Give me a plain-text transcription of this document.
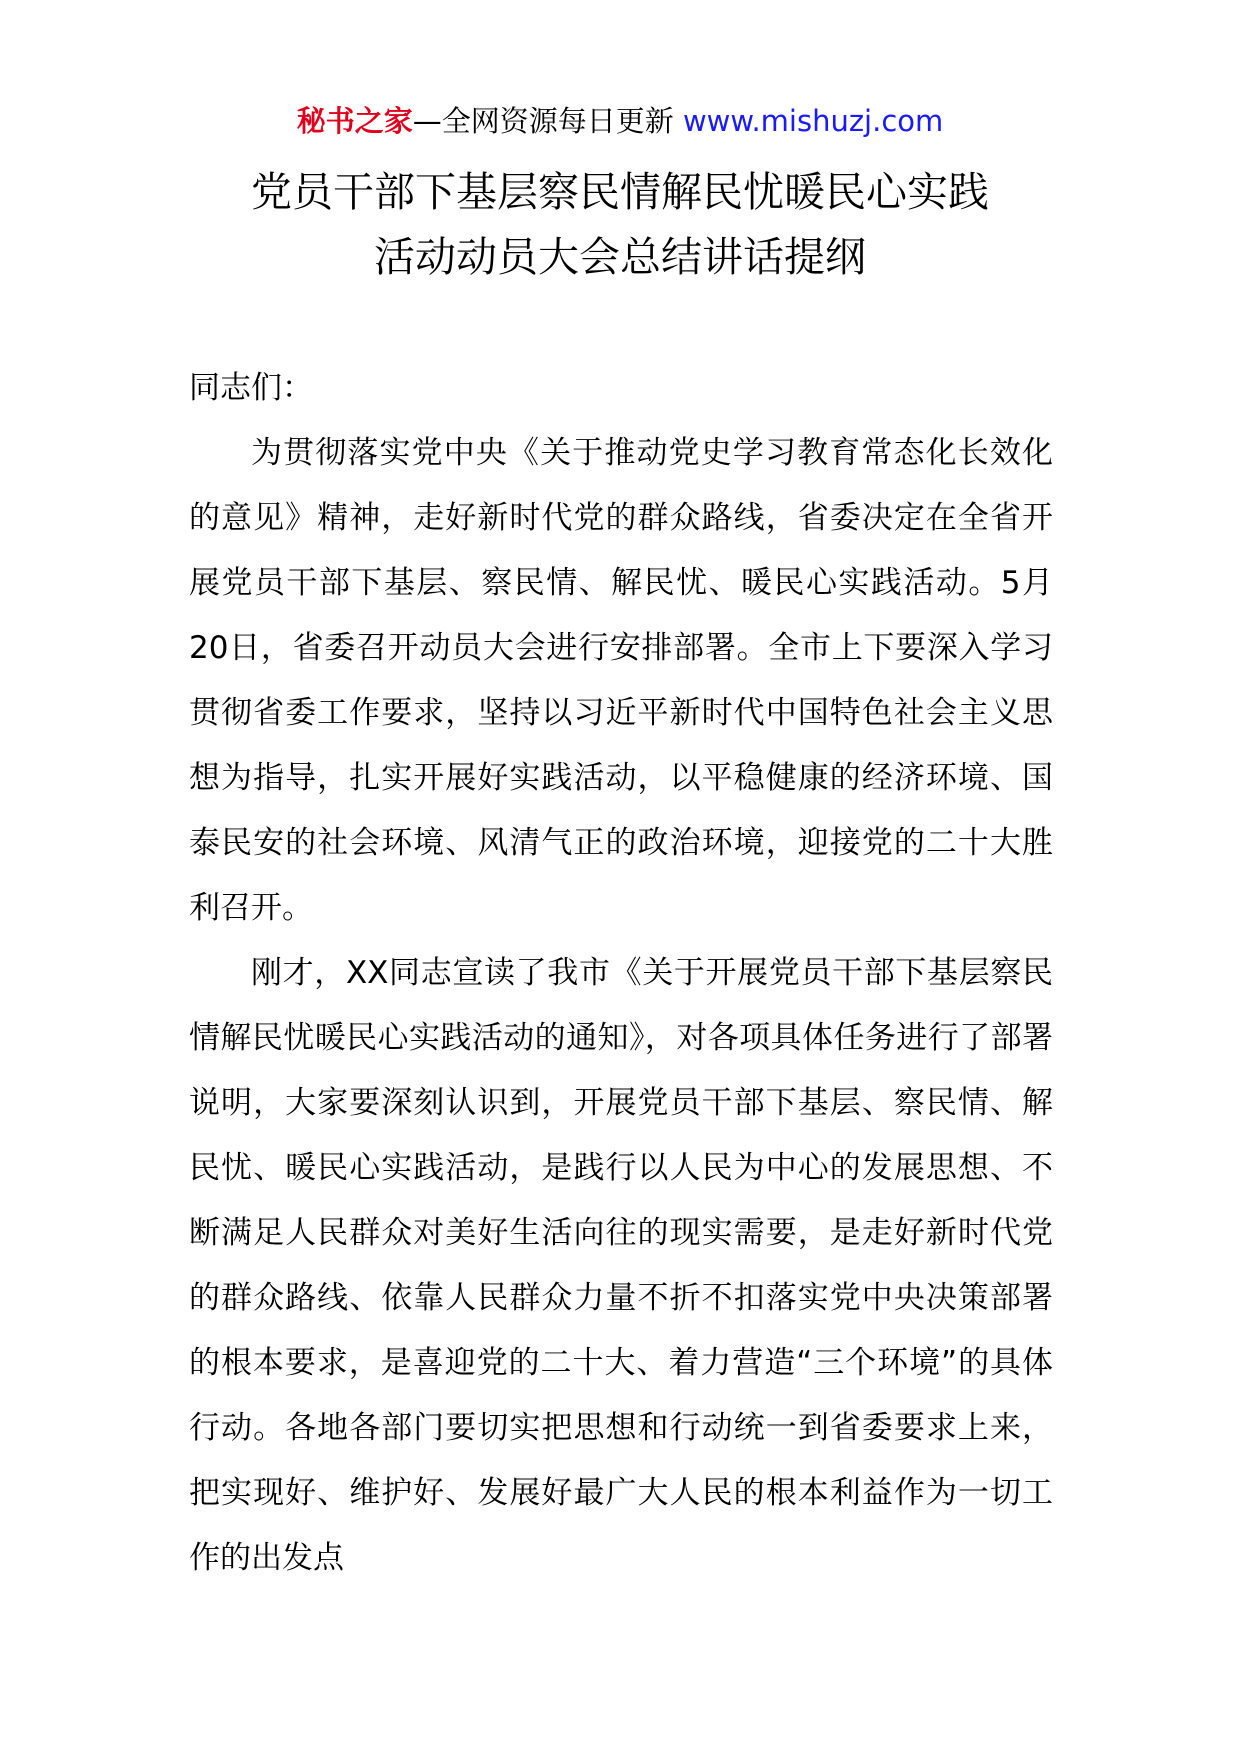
秘书之家—全网资源每日更新 www.mishuzj.com
党员干部下基层察民情解民忧暖民心实践
活动动员大会总结讲话提纲

同志们：

为贯彻落实党中央《关于推动党史学习教育常态化长效化的意见》精神，走好新时代党的群众路线，省委决定在全省开展党员干部下基层、察民情、解民忧、暖民心实践活动。5月20日，省委召开动员大会进行安排部署。全市上下要深入学习贯彻省委工作要求，坚持以习近平新时代中国特色社会主义思想为指导，扎实开展好实践活动，以平稳健康的经济环境、国泰民安的社会环境、风清气正的政治环境，迎接党的二十大胜利召开。

刚才，XX同志宣读了我市《关于开展党员干部下基层察民情解民忧暖民心实践活动的通知》，对各项具体任务进行了部署说明，大家要深刻认识到，开展党员干部下基层、察民情、解民忧、暖民心实践活动，是践行以人民为中心的发展思想、不断满足人民群众对美好生活向往的现实需要，是走好新时代党的群众路线、依靠人民群众力量不折不扣落实党中央决策部署的根本要求，是喜迎党的二十大、着力营造“三个环境”的具体行动。各地各部门要切实把思想和行动统一到省委要求上来，把实现好、维护好、发展好最广大人民的根本利益作为一切工作的出发点
